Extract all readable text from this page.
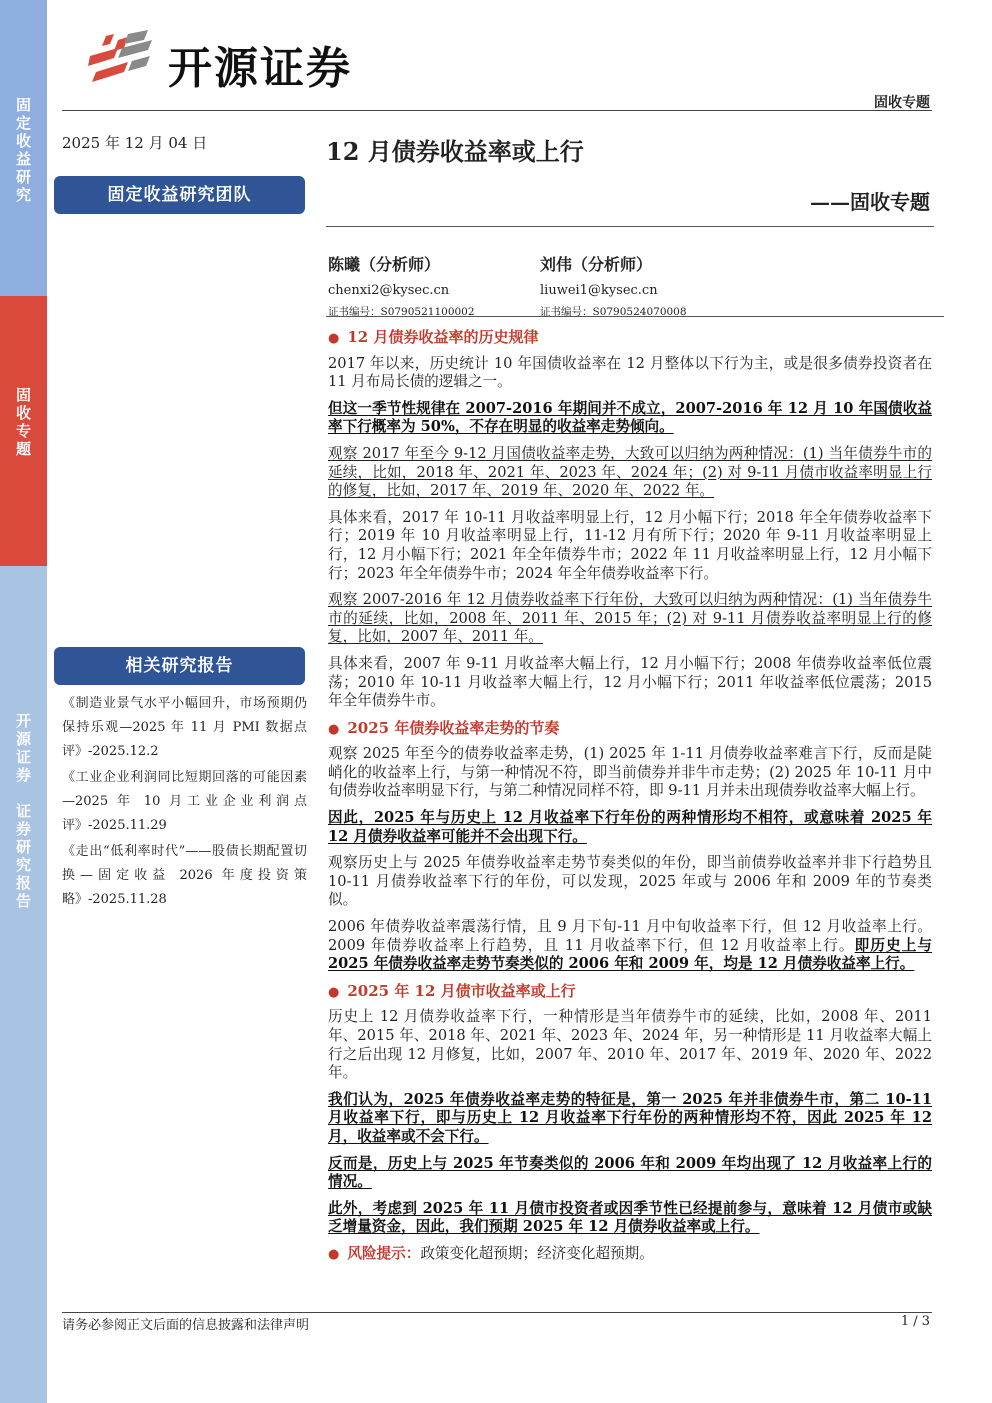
固
定
收
益
研
究
固
收
专
题
开
源
证
券

证
券
研
究
报
告
开源证券
固收专题
2025 年 12 月 04 日	12 月债券收益率或上行
——固收专题
固定收益研究团队
陈曦（分析师）
chenxi2@kysec.cn
证书编号：S0790521100002
刘伟（分析师）
liuwei1@kysec.cn
证书编号：S0790524070008
相关研究报告

《制造业景气水平小幅回升，市场预期仍保持乐观—2025 年 11 月 PMI 数据点评》-2025.12.2

《工业企业利润同比短期回落的可能因素—2025 年 10 月工业企业利润点评》-2025.11.29

《走出“低利率时代”——股债长期配置切换—固定收益 2026 年度投资策略》-2025.11.28

● 12 月债券收益率的历史规律

2017 年以来，历史统计 10 年国债收益率在 12 月整体以下行为主，或是很多债券投资者在 11 月布局长债的逻辑之一。

但这一季节性规律在 2007-2016 年期间并不成立，2007-2016 年 12 月 10 年国债收益率下行概率为 50%，不存在明显的收益率走势倾向。

观察 2017 年至今 9-12 月国债收益率走势，大致可以归纳为两种情况：(1) 当年债券牛市的延续，比如，2018 年、2021 年、2023 年、2024 年；(2) 对 9-11 月债市收益率明显上行的修复，比如，2017 年、2019 年、2020 年、2022 年。

具体来看，2017 年 10-11 月收益率明显上行，12 月小幅下行；2018 年全年债券收益率下行；2019 年 10 月收益率明显上行，11-12 月有所下行；2020 年 9-11 月收益率明显上行，12 月小幅下行；2021 年全年债券牛市；2022 年 11 月收益率明显上行，12 月小幅下行；2023 年全年债券牛市；2024 年全年债券收益率下行。

观察 2007-2016 年 12 月债券收益率下行年份，大致可以归纳为两种情况：(1) 当年债券牛市的延续，比如，2008 年、2011 年、2015 年；(2) 对 9-11 月债券收益率明显上行的修复，比如，2007 年、2011 年。

具体来看，2007 年 9-11 月收益率大幅上行，12 月小幅下行；2008 年债券收益率低位震荡；2010 年 10-11 月收益率大幅上行，12 月小幅下行；2011 年收益率低位震荡；2015 年全年债券牛市。

● 2025 年债券收益率走势的节奏

观察 2025 年至今的债券收益率走势，(1) 2025 年 1-11 月债券收益率难言下行，反而是陡峭化的收益率上行，与第一种情况不符，即当前债券并非牛市走势；(2) 2025 年 10-11 月中旬债券收益率明显下行，与第二种情况同样不符，即 9-11 月并未出现债券收益率大幅上行。

因此，2025 年与历史上 12 月收益率下行年份的两种情形均不相符，或意味着 2025 年 12 月债券收益率可能并不会出现下行。

观察历史上与 2025 年债券收益率走势节奏类似的年份，即当前债券收益率并非下行趋势且 10-11 月债券收益率下行的年份，可以发现，2025 年或与 2006 年和 2009 年的节奏类似。

2006 年债券收益率震荡行情，且 9 月下旬-11 月中旬收益率下行，但 12 月收益率上行。2009 年债券收益率上行趋势，且 11 月收益率下行，但 12 月收益率上行。即历史上与 2025 年债券收益率走势节奏类似的 2006 年和 2009 年，均是 12 月债券收益率上行。

● 2025 年 12 月债市收益率或上行

历史上 12 月债券收益率下行，一种情形是当年债券牛市的延续，比如，2008 年、2011 年、2015 年、2018 年、2021 年、2023 年、2024 年，另一种情形是 11 月收益率大幅上行之后出现 12 月修复，比如，2007 年、2010 年、2017 年、2019 年、2020 年、2022 年。

我们认为，2025 年债券收益率走势的特征是，第一 2025 年并非债券牛市，第二 10-11 月收益率下行，即与历史上 12 月收益率下行年份的两种情形均不符，因此 2025 年 12 月，收益率或不会下行。

反而是，历史上与 2025 年节奏类似的 2006 年和 2009 年均出现了 12 月收益率上行的情况。

此外，考虑到 2025 年 11 月债市投资者或因季节性已经提前参与，意味着 12 月债市或缺乏增量资金，因此，我们预期 2025 年 12 月债券收益率或上行。

● 风险提示：政策变化超预期；经济变化超预期。

请务必参阅正文后面的信息披露和法律声明	1 / 3
